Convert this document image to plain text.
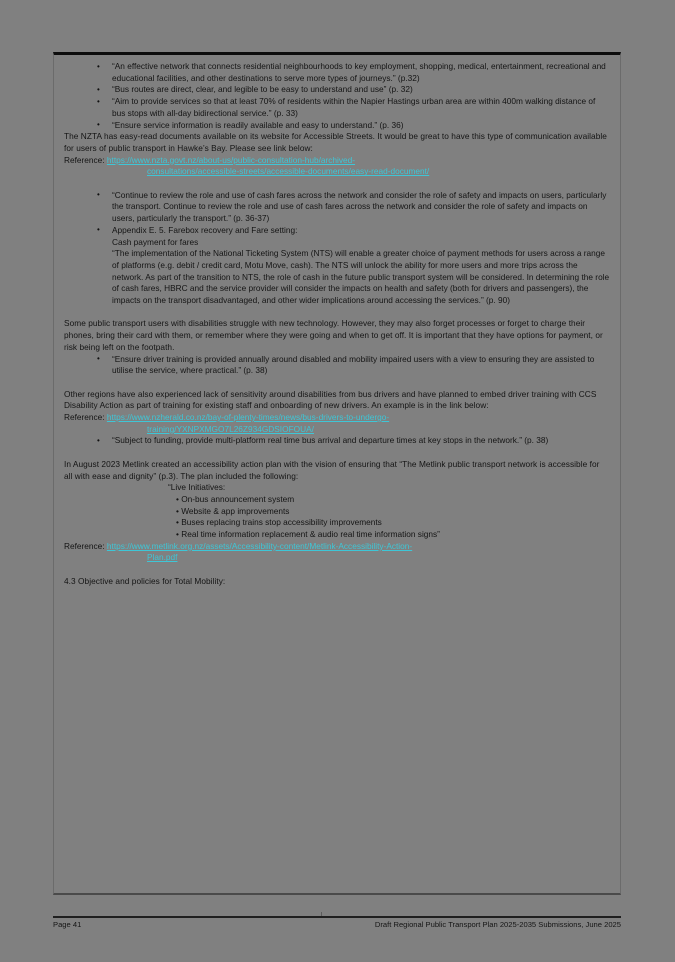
• “An effective network that connects residential neighbourhoods to key employment, shopping, medical, entertainment, recreational and educational facilities, and other destinations to serve more types of journeys.” (p.32)
• “Bus routes are direct, clear, and legible to be easy to understand and use” (p. 32)
• “Aim to provide services so that at least 70% of residents within the Napier Hastings urban area are within 400m walking distance of bus stops with all-day bidirectional service.” (p. 33)
• “Ensure service information is readily available and easy to understand.” (p. 36)

The NZTA has easy-read documents available on its website for Accessible Streets. It would be great to have this type of communication available for users of public transport in Hawke’s Bay. Please see link below:

Reference: https://www.nzta.govt.nz/about-us/public-consultation-hub/archived-
consultations/accessible-streets/accessible-documents/easy-read-document/
• “Continue to review the role and use of cash fares across the network and consider the role of safety and impacts on users, particularly the transport. Continue to review the role and use of cash fares across the network and consider the role of safety and impacts on users, particularly the transport.” (p. 36-37)
• Appendix E. 5. Farebox recovery and Fare setting:
Cash payment for fares
“The implementation of the National Ticketing System (NTS) will enable a greater choice of payment methods for users across a range of platforms (e.g. debit / credit card, Motu Move, cash). The NTS will unlock the ability for more users and more trips across the network. As part of the transition to NTS, the role of cash in the future public transport system will be considered. In determining the role of cash fares, HBRC and the service provider will consider the impacts on health and safety (both for drivers and passengers), the impacts on the transport disadvantaged, and other wider implications around accessing the services.” (p. 90)

Some public transport users with disabilities struggle with new technology. However, they may also forget processes or forget to charge their phones, bring their card with them, or remember where they were going and when to get off. It is important that they have options for payment, or risk being left on the footpath.

• “Ensure driver training is provided annually around disabled and mobility impaired users with a view to ensuring they are assisted to utilise the service, where practical.” (p. 38)

Other regions have also experienced lack of sensitivity around disabilities from bus drivers and have planned to embed driver training with CCS Disability Action as part of training for existing staff and onboarding of new drivers. An example is in the link below:

Reference: https://www.nzherald.co.nz/bay-of-plenty-times/news/bus-drivers-to-undergo-
training/YXNPXMGO7L26Z934GDSIOFOUA/
• “Subject to funding, provide multi-platform real time bus arrival and departure times at key stops in the network.” (p. 38)

In August 2023 Metlink created an accessibility action plan with the vision of ensuring that “The Metlink public transport network is accessible for all with ease and dignity” (p.3). The plan included the following:

“Live Initiatives:
• On-bus announcement system
• Website & app improvements
• Buses replacing trains stop accessibility improvements
• Real time information replacement & audio real time information signs”
Reference: https://www.metlink.org.nz/assets/Accessibility-content/Metlink-Accessibility-Action-
Plan.pdf

4.3 Objective and policies for Total Mobility:

Page 41	Draft Regional Public Transport Plan 2025-2035 Submissions, June 2025
